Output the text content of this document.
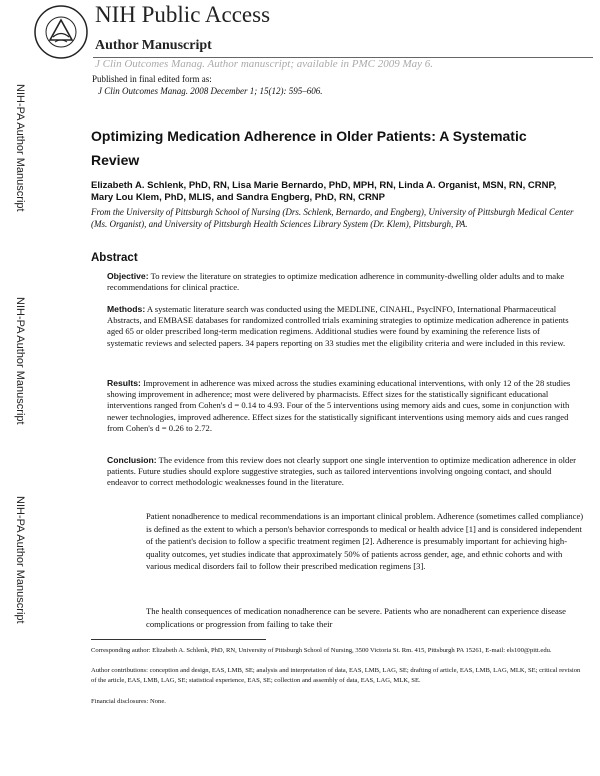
NIH Public Access
Author Manuscript
J Clin Outcomes Manag. Author manuscript; available in PMC 2009 May 6.
Published in final edited form as:
J Clin Outcomes Manag. 2008 December 1; 15(12): 595–606.
NIH-PA Author Manuscript
NIH-PA Author Manuscript
NIH-PA Author Manuscript
Optimizing Medication Adherence in Older Patients: A Systematic Review
Elizabeth A. Schlenk, PhD, RN, Lisa Marie Bernardo, PhD, MPH, RN, Linda A. Organist, MSN, RN, CRNP, Mary Lou Klem, PhD, MLIS, and Sandra Engberg, PhD, RN, CRNP
From the University of Pittsburgh School of Nursing (Drs. Schlenk, Bernardo, and Engberg), University of Pittsburgh Medical Center (Ms. Organist), and University of Pittsburgh Health Sciences Library System (Dr. Klem), Pittsburgh, PA.
Abstract
Objective: To review the literature on strategies to optimize medication adherence in community-dwelling older adults and to make recommendations for clinical practice.
Methods: A systematic literature search was conducted using the MEDLINE, CINAHL, PsycINFO, International Pharmaceutical Abstracts, and EMBASE databases for randomized controlled trials examining strategies to optimize medication adherence in patients aged 65 or older prescribed long-term medication regimens. Additional studies were found by examining the reference lists of systematic reviews and selected papers. 34 papers reporting on 33 studies met the eligibility criteria and were included in this review.
Results: Improvement in adherence was mixed across the studies examining educational interventions, with only 12 of the 28 studies showing improvement in adherence; most were delivered by pharmacists. Effect sizes for the statistically significant educational interventions ranged from Cohen's d = 0.14 to 4.93. Four of the 5 interventions using memory aids and cues, some in conjunction with newer technologies, improved adherence. Effect sizes for the statistically significant interventions using memory aids and cues ranged from Cohen's d = 0.26 to 2.72.
Conclusion: The evidence from this review does not clearly support one single intervention to optimize medication adherence in older patients. Future studies should explore suggestive strategies, such as tailored interventions involving ongoing contact, and should endeavor to correct methodologic weaknesses found in the literature.
Patient nonadherence to medical recommendations is an important clinical problem. Adherence (sometimes called compliance) is defined as the extent to which a person's behavior corresponds to medical or health advice [1] and is considered independent of the patient's decision to follow a specific treatment regimen [2]. Adherence is presumably important for achieving high-quality outcomes, yet studies indicate that approximately 50% of patients across gender, age, and ethnic cohorts and with various medical disorders fail to follow their prescribed medication regimens [3].
The health consequences of medication nonadherence can be severe. Patients who are nonadherent can experience disease complications or progression from failing to take their
Corresponding author: Elizabeth A. Schlenk, PhD, RN, University of Pittsburgh School of Nursing, 3500 Victoria St. Rm. 415, Pittsburgh PA 15261, E-mail: els100@pitt.edu.
Author contributions: conception and design, EAS, LMB, SE; analysis and interpretation of data, EAS, LMB, LAG, SE; drafting of article, EAS, LMB, LAG, MLK, SE; critical revision of the article, EAS, LMB, LAG, SE; statistical experience, EAS, SE; collection and assembly of data, EAS, LAG, MLK, SE.
Financial disclosures: None.
